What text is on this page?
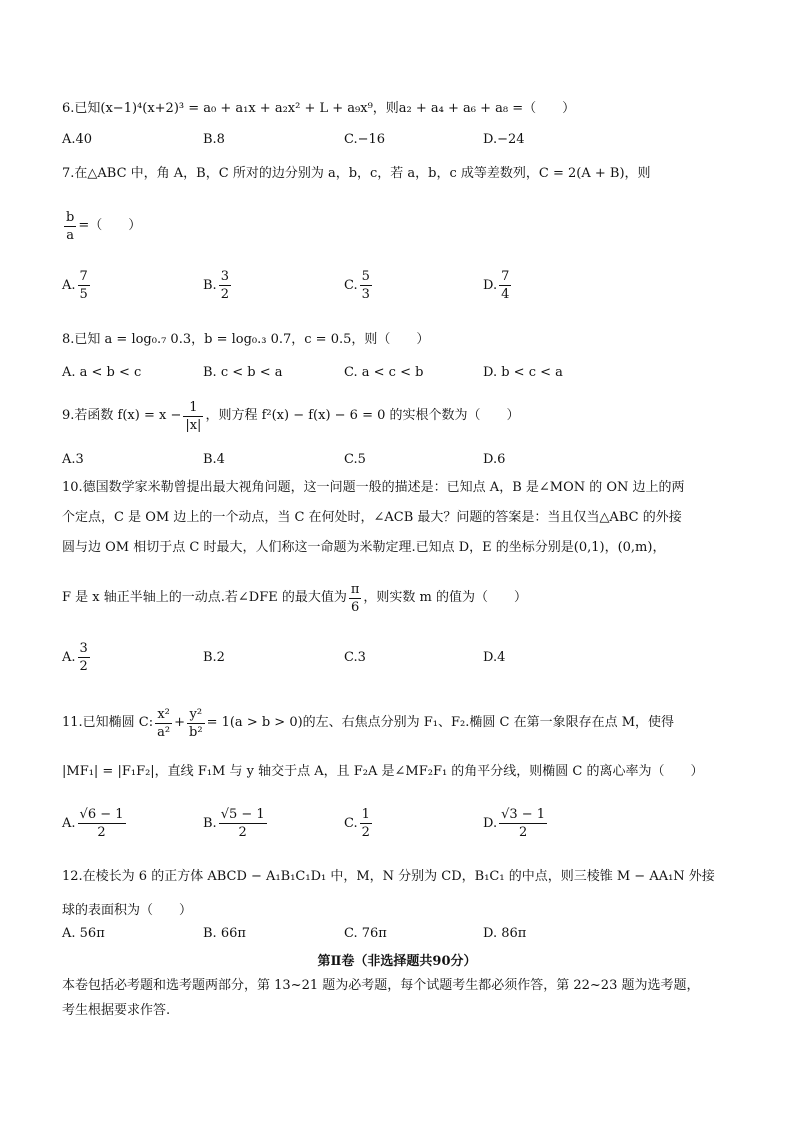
6.已知(x−1)⁴(x+2)³ = a₀ + a₁x + a₂x² + L + a₉x⁹，则a₂ + a₄ + a₆ + a₈ =（　　）
A.40	B.8	C.−16	D.−24
7.在△ABC 中，角 A，B，C 所对的边分别为 a，b，c，若 a，b，c 成等差数列，C = 2(A + B)，则
$\frac{b}{a}$ =（　　）
A. $\frac{7}{5}$	B. $\frac{3}{2}$	C. $\frac{5}{3}$	D. $\frac{7}{4}$
8.已知 a = log₀.₇ 0.3，b = log₀.₃ 0.7，c = 0.5，则（　　）
A. a < b < c	B. c < b < a	C. a < c < b	D. b < c < a
9.若函数 $f(x) = x - \frac{1}{|x|}$ ，则方程 f²(x) − f(x) − 6 = 0 的实根个数为（　　）
A.3	B.4	C.5	D.6
10.德国数学家米勒曾提出最大视角问题，这一问题一般的描述是：已知点 A，B 是∠MON 的 ON 边上的两
个定点，C 是 OM 边上的一个动点，当 C 在何处时，∠ACB 最大？问题的答案是：当且仅当△ABC 的外接
圆与边 OM 相切于点 C 时最大，人们称这一命题为米勒定理.已知点 D，E 的坐标分别是(0,1)，(0,m)，
F 是 x 轴正半轴上的一动点.若∠DFE 的最大值为 $\frac{\pi}{6}$ ，则实数 m 的值为（　　）
A. $\frac{3}{2}$	B.2	C.3	D.4
11.已知椭圆 C: $\frac{\text{x²}}{\text{a²}} + \frac{\text{y²}}{\text{b²}} = 1(a > b > 0)$的左、右焦点分别为 F₁、F₂.椭圆 C 在第一象限存在点 M，使得
|MF₁| = |F₁F₂|，直线 F₁M 与 y 轴交于点 A，且 F₂A 是∠MF₂F₁ 的角平分线，则椭圆 C 的离心率为（　　）
A. $\frac{√6 - 1}{2}$	B. $\frac{√5 - 1}{2}$	C. $\frac{1}{2}$	D. $\frac{√3 - 1}{2}$
12.在棱长为 6 的正方体 ABCD − A₁B₁C₁D₁ 中，M，N 分别为 CD，B₁C₁ 的中点，则三棱锥 M − AA₁N 外接
球的表面积为（　　）
A. 56π	B. 66π	C. 76π	D. 86π
第Ⅱ卷（非选择题共90分）
本卷包括必考题和选考题两部分，第 13~21 题为必考题，每个试题考生都必须作答，第 22~23 题为选考题，
考生根据要求作答.
